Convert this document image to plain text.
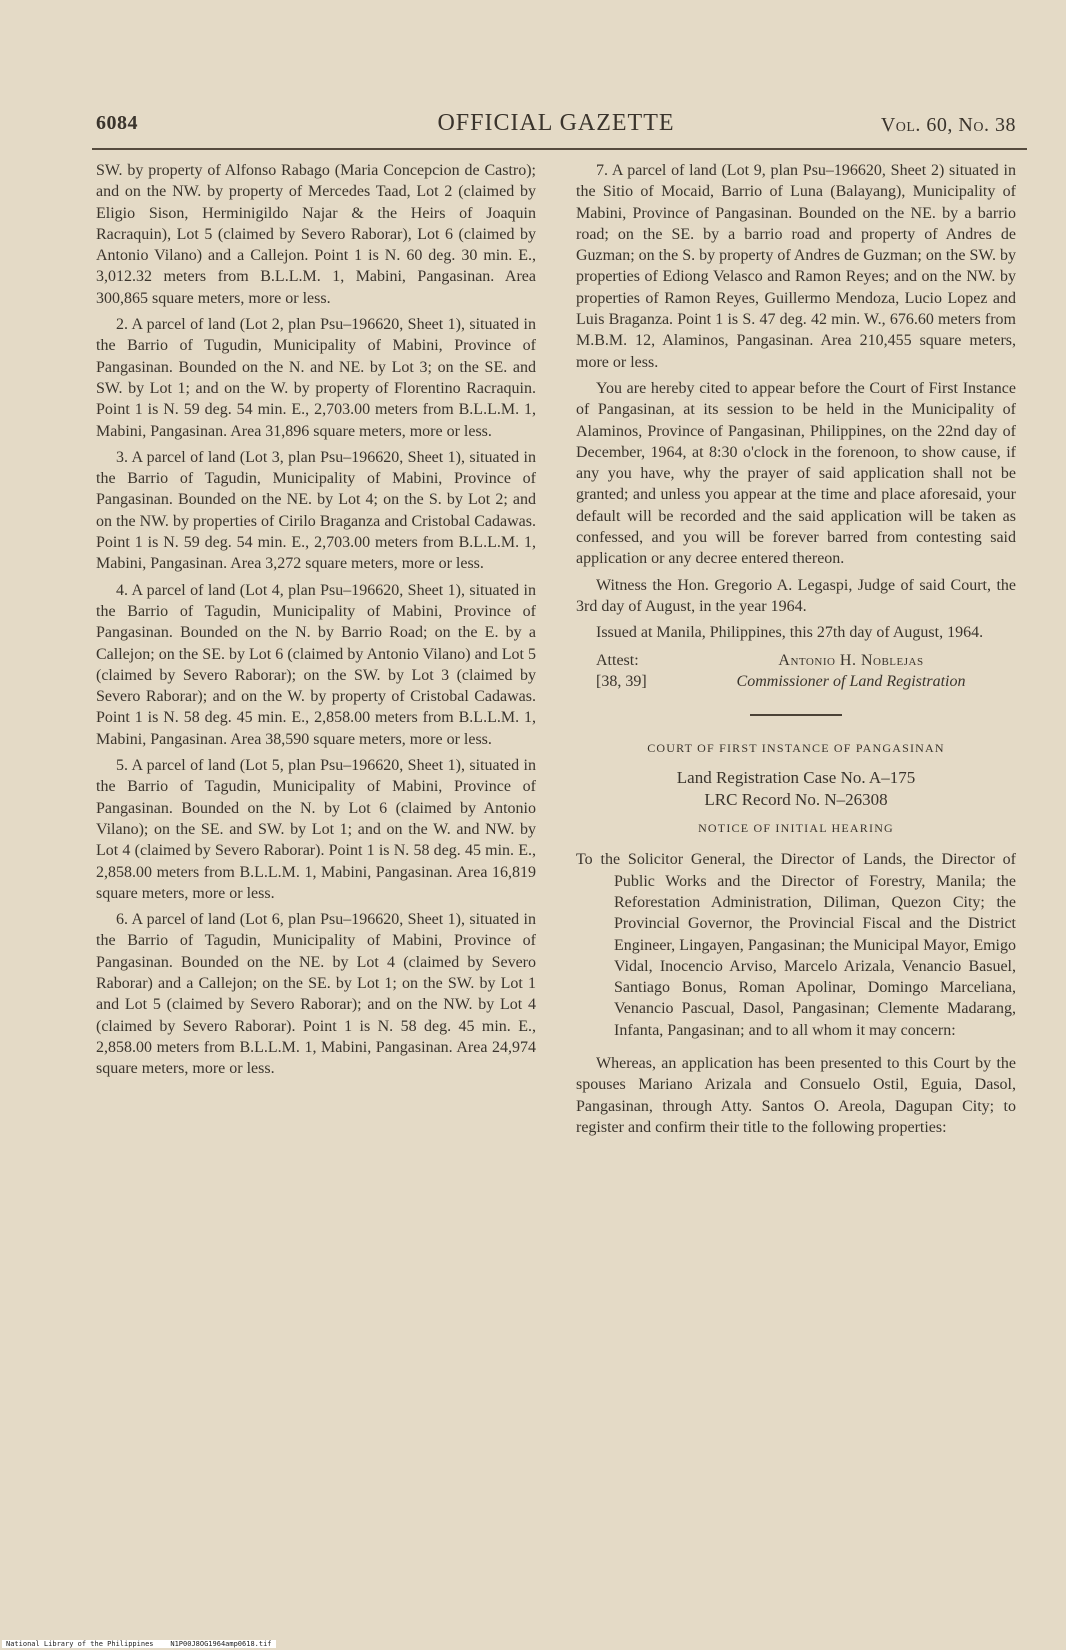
6084	OFFICIAL GAZETTE	Vol. 60, No. 38

SW. by property of Alfonso Rabago (Maria Concepcion de Castro); and on the NW. by property of Mercedes Taad, Lot 2 (claimed by Eligio Sison, Herminigildo Najar & the Heirs of Joaquin Racraquin), Lot 5 (claimed by Severo Raborar), Lot 6 (claimed by Antonio Vilano) and a Callejon. Point 1 is N. 60 deg. 30 min. E., 3,012.32 meters from B.L.L.M. 1, Mabini, Pangasinan. Area 300,865 square meters, more or less.

2. A parcel of land (Lot 2, plan Psu–196620, Sheet 1), situated in the Barrio of Tugudin, Municipality of Mabini, Province of Pangasinan. Bounded on the N. and NE. by Lot 3; on the SE. and SW. by Lot 1; and on the W. by property of Florentino Racraquin. Point 1 is N. 59 deg. 54 min. E., 2,703.00 meters from B.L.L.M. 1, Mabini, Pangasinan. Area 31,896 square meters, more or less.

3. A parcel of land (Lot 3, plan Psu–196620, Sheet 1), situated in the Barrio of Tagudin, Municipality of Mabini, Province of Pangasinan. Bounded on the NE. by Lot 4; on the S. by Lot 2; and on the NW. by properties of Cirilo Braganza and Cristobal Cadawas. Point 1 is N. 59 deg. 54 min. E., 2,703.00 meters from B.L.L.M. 1, Mabini, Pangasinan. Area 3,272 square meters, more or less.

4. A parcel of land (Lot 4, plan Psu–196620, Sheet 1), situated in the Barrio of Tagudin, Municipality of Mabini, Province of Pangasinan. Bounded on the N. by Barrio Road; on the E. by a Callejon; on the SE. by Lot 6 (claimed by Antonio Vilano) and Lot 5 (claimed by Severo Raborar); on the SW. by Lot 3 (claimed by Severo Raborar); and on the W. by property of Cristobal Cadawas. Point 1 is N. 58 deg. 45 min. E., 2,858.00 meters from B.L.L.M. 1, Mabini, Pangasinan. Area 38,590 square meters, more or less.

5. A parcel of land (Lot 5, plan Psu–196620, Sheet 1), situated in the Barrio of Tagudin, Municipality of Mabini, Province of Pangasinan. Bounded on the N. by Lot 6 (claimed by Antonio Vilano); on the SE. and SW. by Lot 1; and on the W. and NW. by Lot 4 (claimed by Severo Raborar). Point 1 is N. 58 deg. 45 min. E., 2,858.00 meters from B.L.L.M. 1, Mabini, Pangasinan. Area 16,819 square meters, more or less.

6. A parcel of land (Lot 6, plan Psu–196620, Sheet 1), situated in the Barrio of Tagudin, Municipality of Mabini, Province of Pangasinan. Bounded on the NE. by Lot 4 (claimed by Severo Raborar) and a Callejon; on the SE. by Lot 1; on the SW. by Lot 1 and Lot 5 (claimed by Severo Raborar); and on the NW. by Lot 4 (claimed by Severo Raborar). Point 1 is N. 58 deg. 45 min. E., 2,858.00 meters from B.L.L.M. 1, Mabini, Pangasinan. Area 24,974 square meters, more or less.

7. A parcel of land (Lot 9, plan Psu–196620, Sheet 2) situated in the Sitio of Mocaid, Barrio of Luna (Balayang), Municipality of Mabini, Province of Pangasinan. Bounded on the NE. by a barrio road; on the SE. by a barrio road and property of Andres de Guzman; on the S. by property of Andres de Guzman; on the SW. by properties of Ediong Velasco and Ramon Reyes; and on the NW. by properties of Ramon Reyes, Guillermo Mendoza, Lucio Lopez and Luis Braganza. Point 1 is S. 47 deg. 42 min. W., 676.60 meters from M.B.M. 12, Alaminos, Pangasinan. Area 210,455 square meters, more or less.

You are hereby cited to appear before the Court of First Instance of Pangasinan, at its session to be held in the Municipality of Alaminos, Province of Pangasinan, Philippines, on the 22nd day of December, 1964, at 8:30 o'clock in the forenoon, to show cause, if any you have, why the prayer of said application shall not be granted; and unless you appear at the time and place aforesaid, your default will be recorded and the said application will be taken as confessed, and you will be forever barred from contesting said application or any decree entered thereon.

Witness the Hon. Gregorio A. Legaspi, Judge of said Court, the 3rd day of August, in the year 1964.

Issued at Manila, Philippines, this 27th day of August, 1964.

Attest:	Antonio H. Noblejas
[38, 39]	Commissioner of Land Registration
COURT OF FIRST INSTANCE OF PANGASINAN

Land Registration Case No. A–175

LRC Record No. N–26308

NOTICE OF INITIAL HEARING

To the Solicitor General, the Director of Lands, the Director of Public Works and the Director of Forestry, Manila; the Reforestation Administration, Diliman, Quezon City; the Provincial Governor, the Provincial Fiscal and the District Engineer, Lingayen, Pangasinan; the Municipal Mayor, Emigo Vidal, Inocencio Arviso, Marcelo Arizala, Venancio Basuel, Santiago Bonus, Roman Apolinar, Domingo Marceliana, Venancio Pascual, Dasol, Pangasinan; Clemente Madarang, Infanta, Pangasinan; and to all whom it may concern:

Whereas, an application has been presented to this Court by the spouses Mariano Arizala and Consuelo Ostil, Eguia, Dasol, Pangasinan, through Atty. Santos O. Areola, Dagupan City; to register and confirm their title to the following properties:

National Library of the Philippines N1P00J8OG1964amp0618.tif
